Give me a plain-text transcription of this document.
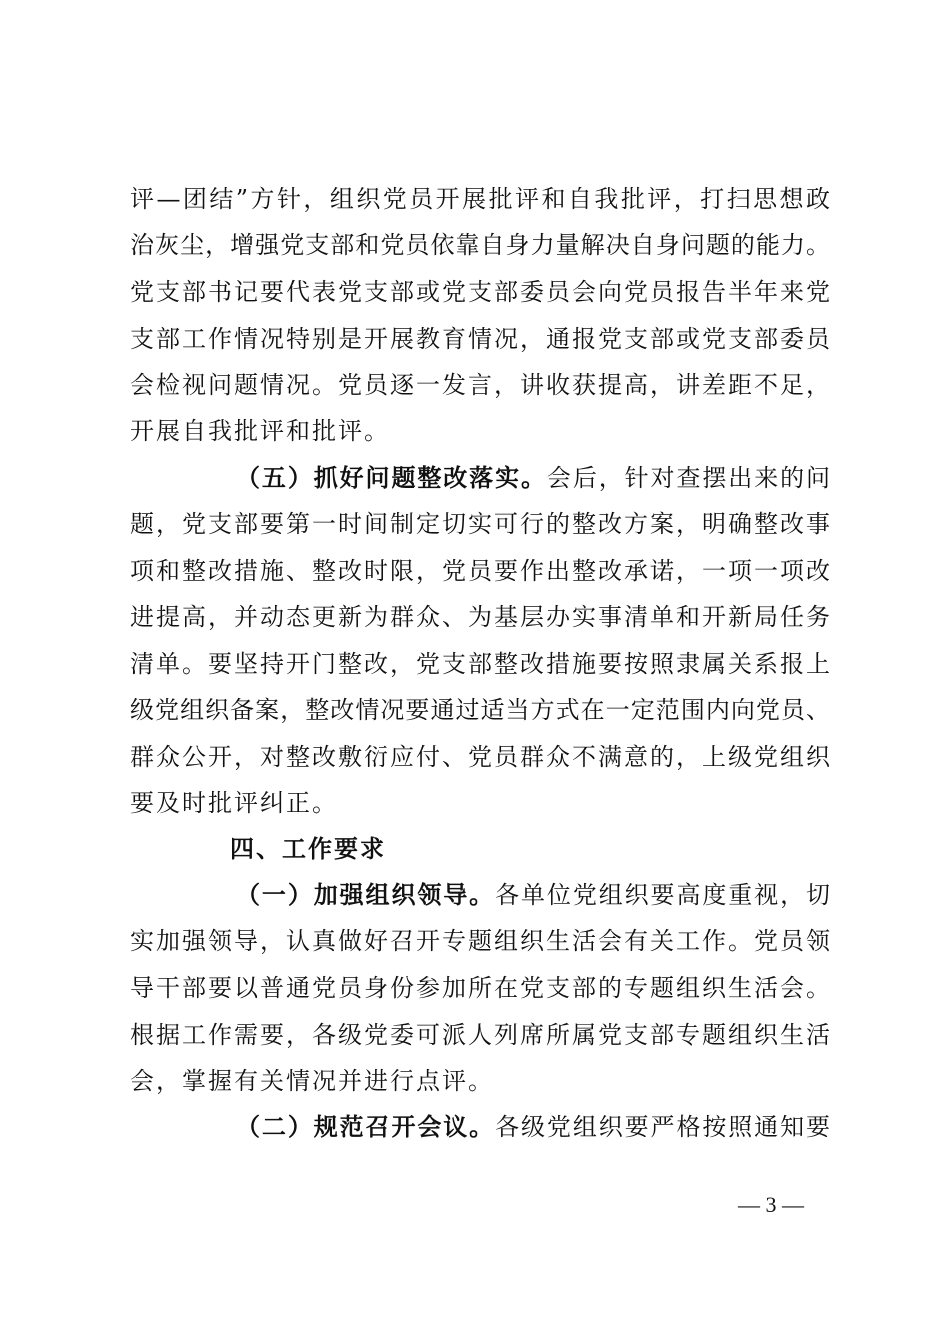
评—团结”方针，组织党员开展批评和自我批评，打扫思想政
治灰尘，增强党支部和党员依靠自身力量解决自身问题的能力。
党支部书记要代表党支部或党支部委员会向党员报告半年来党
支部工作情况特别是开展教育情况，通报党支部或党支部委员
会检视问题情况。党员逐一发言，讲收获提高，讲差距不足，
开展自我批评和批评。
（五）抓好问题整改落实。会后，针对查摆出来的问
题，党支部要第一时间制定切实可行的整改方案，明确整改事
项和整改措施、整改时限，党员要作出整改承诺，一项一项改
进提高，并动态更新为群众、为基层办实事清单和开新局任务
清单。要坚持开门整改，党支部整改措施要按照隶属关系报上
级党组织备案，整改情况要通过适当方式在一定范围内向党员、
群众公开，对整改敷衍应付、党员群众不满意的，上级党组织
要及时批评纠正。
四、工作要求
（一）加强组织领导。各单位党组织要高度重视，切
实加强领导，认真做好召开专题组织生活会有关工作。党员领
导干部要以普通党员身份参加所在党支部的专题组织生活会。
根据工作需要，各级党委可派人列席所属党支部专题组织生活
会，掌握有关情况并进行点评。
（二）规范召开会议。各级党组织要严格按照通知要
— 3 —
